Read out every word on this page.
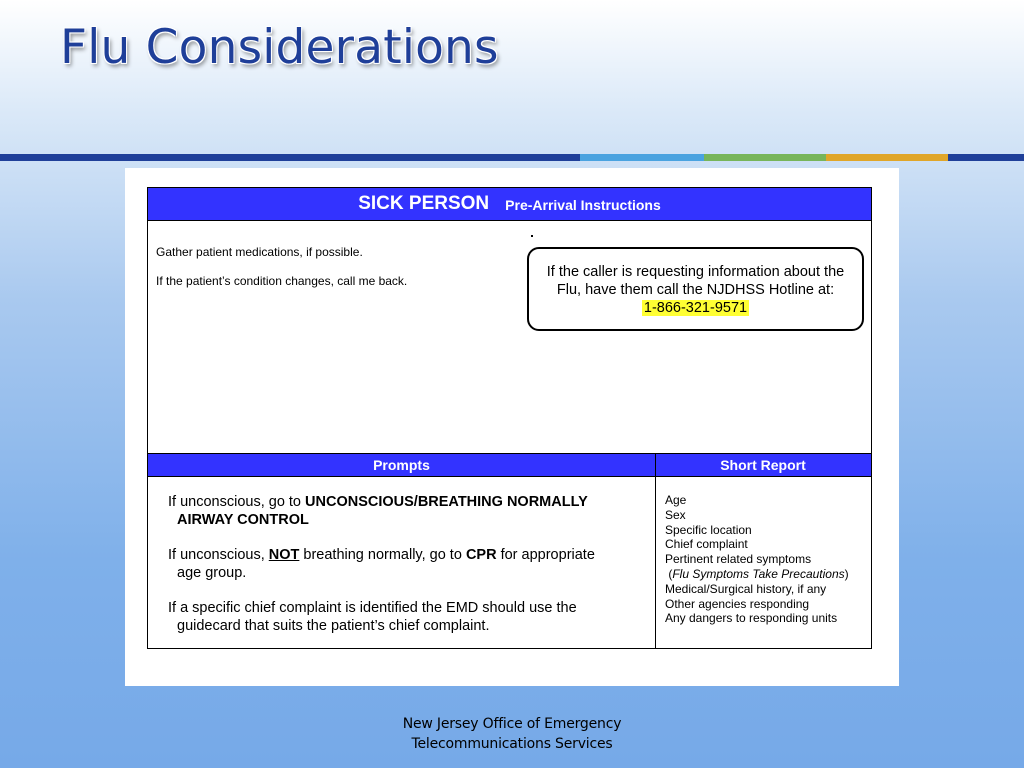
Flu Considerations
SICK PERSON Pre-Arrival Instructions
Gather patient medications, if possible.
If the patient’s condition changes, call me back.
If the caller is requesting information about the
Flu, have them call the NJDHSS Hotline at:
1-866-321-9571
Prompts	Short Report
If unconscious, go to UNCONSCIOUS/BREATHING NORMALLY
AIRWAY CONTROL
If unconscious, NOT breathing normally, go to CPR for appropriate
age group.
If a specific chief complaint is identified the EMD should use the
guidecard that suits the patient’s chief complaint.
Age
Sex
Specific location
Chief complaint
Pertinent related symptoms
(Flu Symptoms Take Precautions)
Medical/Surgical history, if any
Other agencies responding
Any dangers to responding units
New Jersey Office of Emergency
Telecommunications Services
